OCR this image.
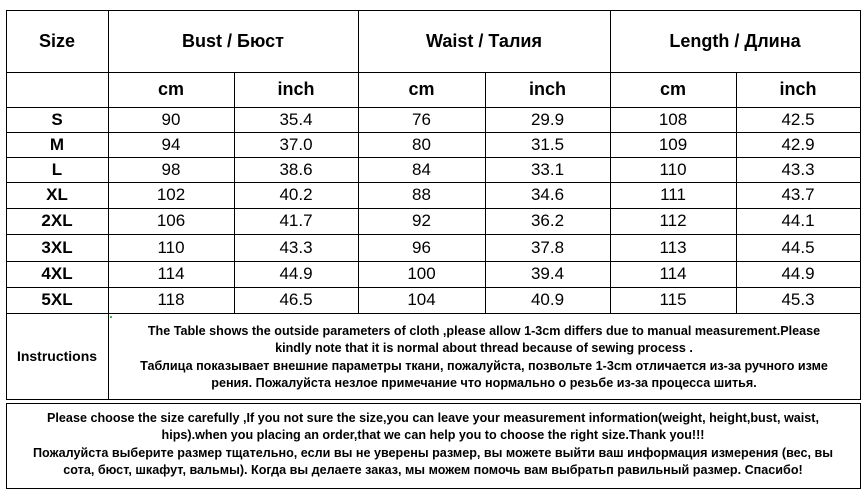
Size	Bust / Бюст	Waist / Талия	Length / Длина
cm	inch	cm	inch	cm	inch
S	90	35.4	76	29.9	108	42.5
M	94	37.0	80	31.5	109	42.9
L	98	38.6	84	33.1	110	43.3
XL	102	40.2	88	34.6	111	43.7
2XL	106	41.7	92	36.2	112	44.1
3XL	110	43.3	96	37.8	113	44.5
4XL	114	44.9	100	39.4	114	44.9
5XL	118	46.5	104	40.9	115	45.3
Instructions
The Table shows the outside parameters of cloth ,please allow 1-3cm differs due to manual measurement.Please
kindly note that it is normal about thread because of sewing process .
Таблица показывает внешние параметры ткани, пожалуйста, позвольте 1-3cm отличается из-за ручного изме
рения. Пожалуйста незлое примечание что нормально о резьбе из-за процесса шитья.
Please choose the size carefully ,If you not sure the size,you can leave your measurement information(weight, height,bust, waist,
hips).when you placing an order,that we can help you to choose the right size.Thank you!!!
Пожалуйста выберите размер тщательно, если вы не уверены размер, вы можете выйти ваш информация измерения (вес, вы
сота, бюст, шкафут, вальмы). Когда вы делаете заказ, мы можем помочь вам выбратьп равильный размер. Спасибо!
